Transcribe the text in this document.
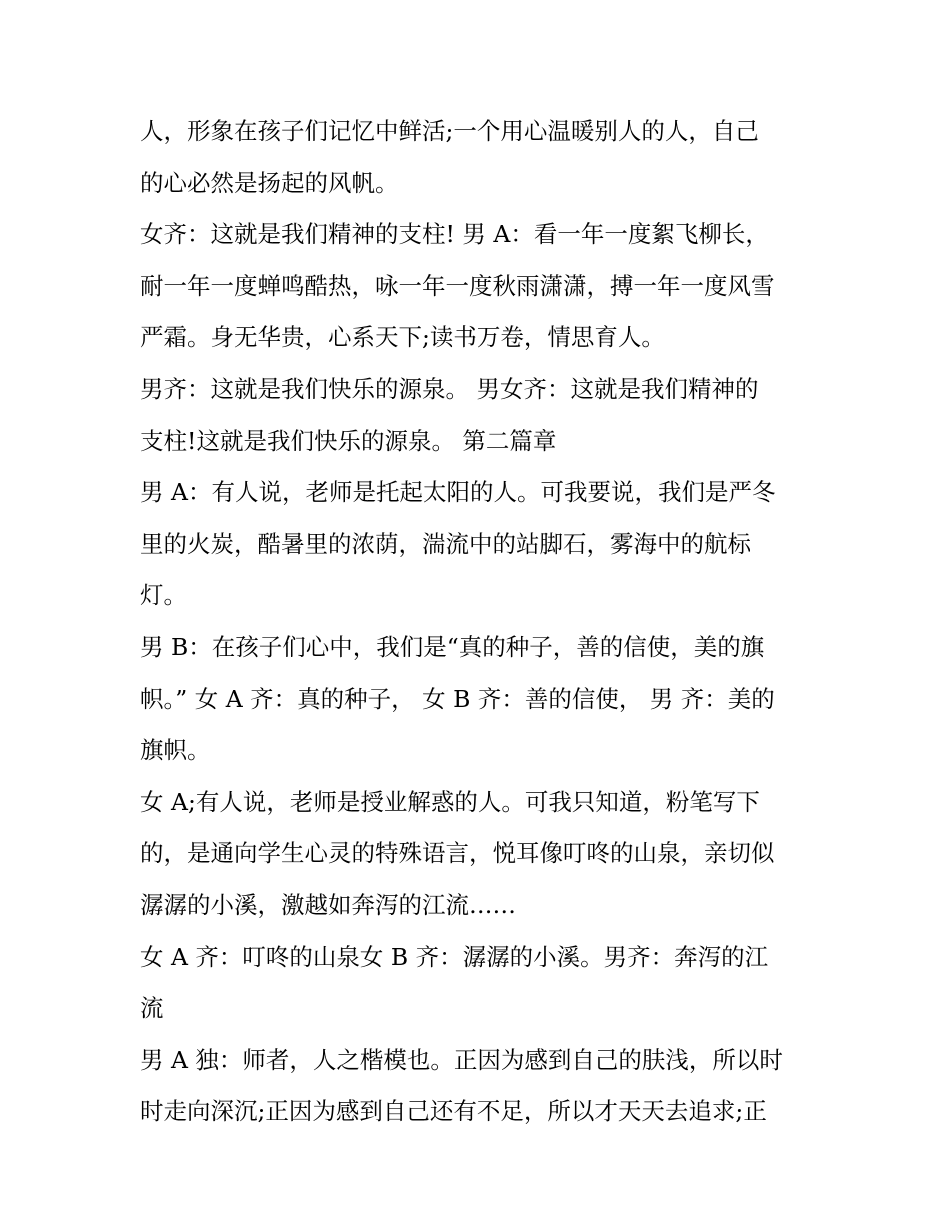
人，形象在孩子们记忆中鲜活;一个用心温暖别人的人，自己
的心必然是扬起的风帆。
女齐：这就是我们精神的支柱! 男 A：看一年一度絮飞柳长，
耐一年一度蝉鸣酷热，咏一年一度秋雨潇潇，搏一年一度风雪
严霜。身无华贵，心系天下;读书万卷，情思育人。
男齐：这就是我们快乐的源泉。 男女齐：这就是我们精神的
支柱!这就是我们快乐的源泉。 第二篇章
男 A：有人说，老师是托起太阳的人。可我要说，我们是严冬
里的火炭，酷暑里的浓荫，湍流中的站脚石，雾海中的航标
灯。
男 B：在孩子们心中，我们是“真的种子，善的信使，美的旗
帜。” 女 A 齐：真的种子， 女 B 齐：善的信使， 男 齐：美的
旗帜。
女 A;有人说，老师是授业解惑的人。可我只知道，粉笔写下
的，是通向学生心灵的特殊语言，悦耳像叮咚的山泉，亲切似
潺潺的小溪，激越如奔泻的江流……
女 A 齐：叮咚的山泉女 B 齐：潺潺的小溪。男齐：奔泻的江
流
男 A 独：师者，人之楷模也。正因为感到自己的肤浅，所以时
时走向深沉;正因为感到自己还有不足，所以才天天去追求;正
